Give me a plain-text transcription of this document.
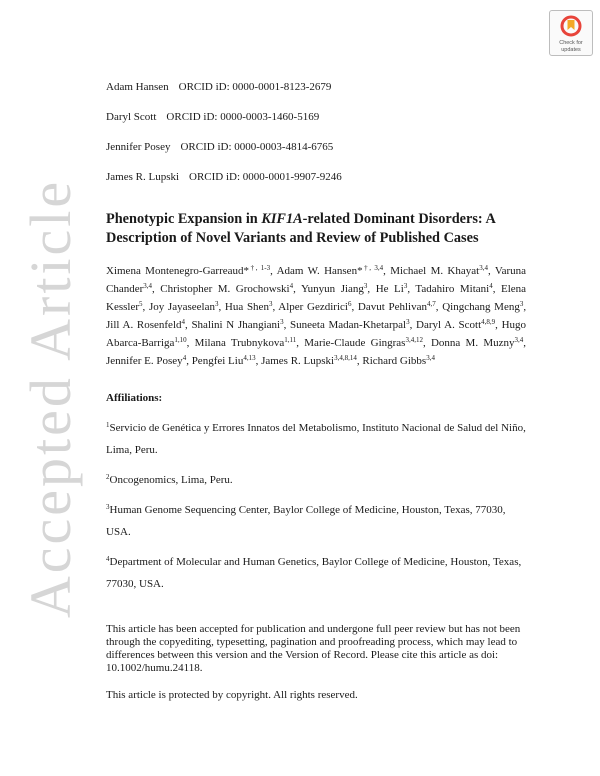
Accepted Article
Check for
updates

Adam Hansen ORCID iD: 0000-0001-8123-2679

Daryl Scott ORCID iD: 0000-0003-1460-5169

Jennifer Posey ORCID iD: 0000-0003-4814-6765

James R. Lupski ORCID iD: 0000-0001-9907-9246

Phenotypic Expansion in KIF1A-related Dominant Disorders: A Description of Novel Variants and Review of Published Cases

Ximena Montenegro-Garreaud*$^{\dagger, 1-3}$, Adam W. Hansen*$^{\dagger, 3,4}$, Michael M. Khayat$^{3,4}$, Varuna Chander$^{3,4}$, Christopher M. Grochowski$^4$, Yunyun Jiang$^3$, He Li$^3$, Tadahiro Mitani$^4$, Elena Kessler$^5$, Joy Jayaseelan$^3$, Hua Shen$^3$, Alper Gezdirici$^6$, Davut Pehlivan$^{4,7}$, Qingchang Meng$^3$, Jill A. Rosenfeld$^4$, Shalini N Jhangiani$^3$, Suneeta Madan-Khetarpal$^3$, Daryl A. Scott$^{4,8,9}$, Hugo Abarca-Barriga$^{1,10}$, Milana Trubnykova$^{1,11}$, Marie-Claude Gingras$^{3,4,12}$, Donna M. Muzny$^{3,4}$, Jennifer E. Posey$^4$, Pengfei Liu$^{4,13}$, James R. Lupski$^{3,4,8,14}$, Richard Gibbs$^{3,4}$

Affiliations:

$^1$Servicio de Genética y Errores Innatos del Metabolismo, Instituto Nacional de Salud del Niño, Lima, Peru.

$^2$Oncogenomics, Lima, Peru.

$^3$Human Genome Sequencing Center, Baylor College of Medicine, Houston, Texas, 77030, USA.

$^4$Department of Molecular and Human Genetics, Baylor College of Medicine, Houston, Texas, 77030, USA.

This article has been accepted for publication and undergone full peer review but has not been through the copyediting, typesetting, pagination and proofreading process, which may lead to differences between this version and the Version of Record. Please cite this article as doi: 10.1002/humu.24118.

This article is protected by copyright. All rights reserved.
